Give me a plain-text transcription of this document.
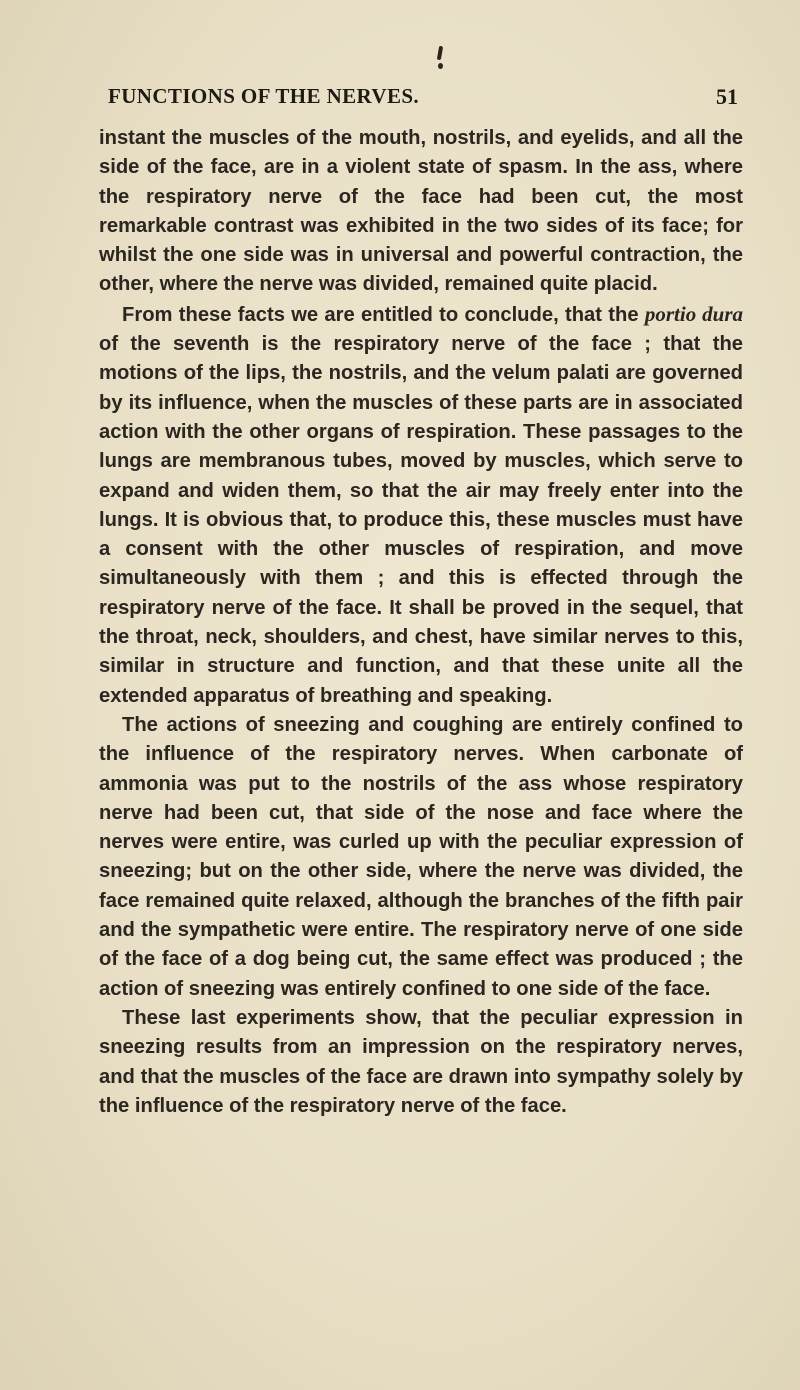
FUNCTIONS OF THE NERVES.	51

instant the muscles of the mouth, nostrils, and eyelids, and all the side of the face, are in a violent state of spasm. In the ass, where the respiratory nerve of the face had been cut, the most remarkable contrast was exhibited in the two sides of its face; for whilst the one side was in universal and powerful contraction, the other, where the nerve was divided, remained quite placid.

From these facts we are entitled to conclude, that the portio dura of the seventh is the respiratory nerve of the face ; that the motions of the lips, the nostrils, and the velum palati are governed by its influence, when the muscles of these parts are in associated action with the other organs of respiration. These passages to the lungs are membranous tubes, moved by muscles, which serve to expand and widen them, so that the air may freely enter into the lungs. It is obvious that, to produce this, these muscles must have a consent with the other muscles of respiration, and move simultaneously with them ; and this is effected through the respiratory nerve of the face. It shall be proved in the sequel, that the throat, neck, shoulders, and chest, have similar nerves to this, similar in structure and function, and that these unite all the extended apparatus of breathing and speaking.

The actions of sneezing and coughing are entirely confined to the influence of the respiratory nerves. When carbonate of ammonia was put to the nostrils of the ass whose respiratory nerve had been cut, that side of the nose and face where the nerves were entire, was curled up with the peculiar expression of sneezing; but on the other side, where the nerve was divided, the face remained quite relaxed, although the branches of the fifth pair and the sympathetic were entire. The respiratory nerve of one side of the face of a dog being cut, the same effect was produced ; the action of sneezing was entirely confined to one side of the face.

These last experiments show, that the peculiar expression in sneezing results from an impression on the respiratory nerves, and that the muscles of the face are drawn into sympathy solely by the influence of the respiratory nerve of the face.
